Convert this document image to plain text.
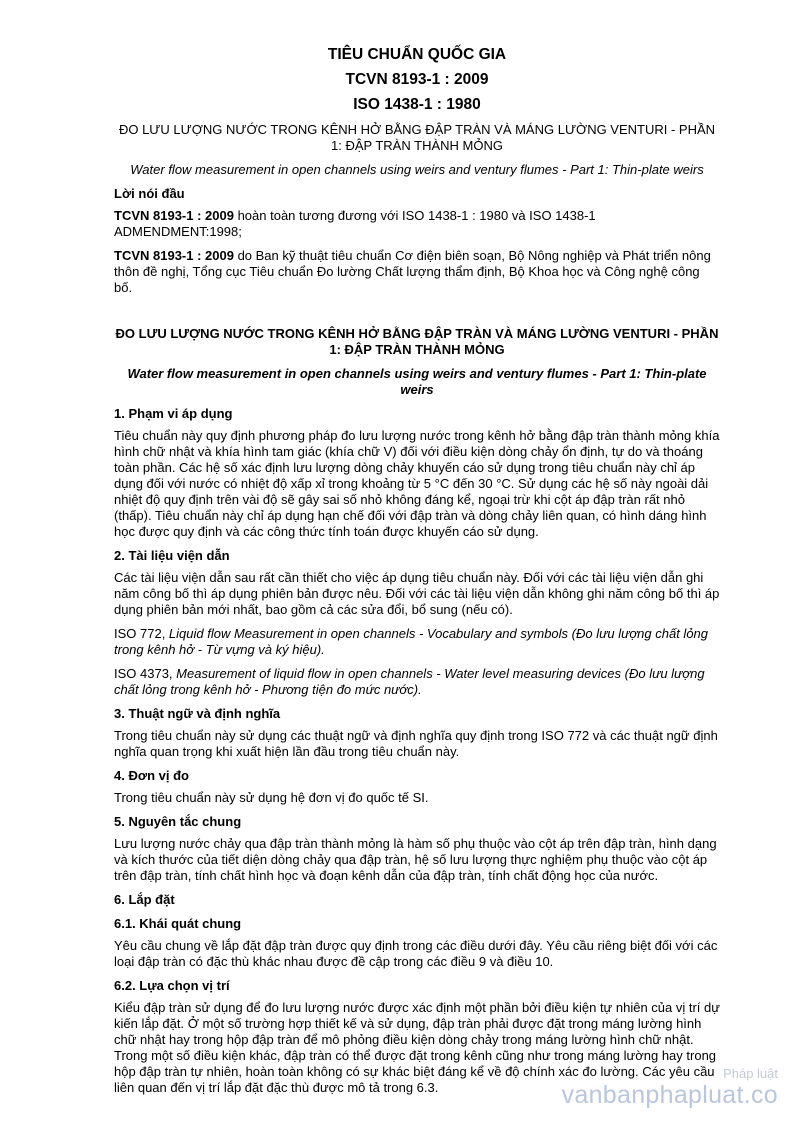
TIÊU CHUẨN QUỐC GIA
TCVN 8193-1 : 2009
ISO 1438-1 : 1980
ĐO LƯU LƯỢNG NƯỚC TRONG KÊNH HỞ BẰNG ĐẬP TRÀN VÀ MÁNG LƯỜNG VENTURI - PHẦN 1: ĐẬP TRÀN THÀNH MỎNG
Water flow measurement in open channels using weirs and ventury flumes - Part 1: Thin-plate weirs
Lời nói đầu

TCVN 8193-1 : 2009 hoàn toàn tương đương với ISO 1438-1 : 1980 và ISO 1438-1 ADMENDMENT:1998;

TCVN 8193-1 : 2009 do Ban kỹ thuật tiêu chuẩn Cơ điện biên soạn, Bộ Nông nghiệp và Phát triển nông thôn đề nghị, Tổng cục Tiêu chuẩn Đo lường Chất lượng thẩm định, Bộ Khoa học và Công nghệ công bố.

ĐO LƯU LƯỢNG NƯỚC TRONG KÊNH HỞ BẰNG ĐẬP TRÀN VÀ MÁNG LƯỜNG VENTURI - PHẦN 1: ĐẬP TRÀN THÀNH MỎNG
Water flow measurement in open channels using weirs and ventury flumes - Part 1: Thin-plate weirs
1. Phạm vi áp dụng

Tiêu chuẩn này quy định phương pháp đo lưu lượng nước trong kênh hở bằng đập tràn thành mỏng khía hình chữ nhật và khía hình tam giác (khía chữ V) đối với điều kiện dòng chảy ổn định, tự do và thoáng toàn phần. Các hệ số xác định lưu lượng dòng chảy khuyến cáo sử dụng trong tiêu chuẩn này chỉ áp dụng đối với nước có nhiệt độ xấp xỉ trong khoảng từ 5 °C đến 30 °C. Sử dụng các hệ số này ngoài dải nhiệt độ quy định trên vài độ sẽ gây sai số nhỏ không đáng kể, ngoại trừ khi cột áp đập tràn rất nhỏ (thấp). Tiêu chuẩn này chỉ áp dụng hạn chế đối với đập tràn và dòng chảy liên quan, có hình dáng hình học được quy định và các công thức tính toán được khuyến cáo sử dụng.

2. Tài liệu viện dẫn

Các tài liệu viện dẫn sau rất cần thiết cho việc áp dụng tiêu chuẩn này. Đối với các tài liệu viện dẫn ghi năm công bố thì áp dụng phiên bản được nêu. Đối với các tài liệu viện dẫn không ghi năm công bố thì áp dụng phiên bản mới nhất, bao gồm cả các sửa đổi, bổ sung (nếu có).

ISO 772, Liquid flow Measurement in open channels - Vocabulary and symbols (Đo lưu lượng chất lỏng trong kênh hở - Từ vựng và ký hiệu).

ISO 4373, Measurement of liquid flow in open channels - Water level measuring devices (Đo lưu lượng chất lỏng trong kênh hở - Phương tiện đo mức nước).

3. Thuật ngữ và định nghĩa

Trong tiêu chuẩn này sử dụng các thuật ngữ và định nghĩa quy định trong ISO 772 và các thuật ngữ định nghĩa quan trọng khi xuất hiện lần đầu trong tiêu chuẩn này.

4. Đơn vị đo

Trong tiêu chuẩn này sử dụng hệ đơn vị đo quốc tế SI.

5. Nguyên tắc chung

Lưu lượng nước chảy qua đập tràn thành mỏng là hàm số phụ thuộc vào cột áp trên đập tràn, hình dạng và kích thước của tiết diện dòng chảy qua đập tràn, hệ số lưu lượng thực nghiệm phụ thuộc vào cột áp trên đập tràn, tính chất hình học và đoạn kênh dẫn của đập tràn, tính chất động học của nước.

6. Lắp đặt
6.1. Khái quát chung

Yêu cầu chung về lắp đặt đập tràn được quy định trong các điều dưới đây. Yêu cầu riêng biệt đối với các loại đập tràn có đặc thù khác nhau được đề cập trong các điều 9 và điều 10.

6.2. Lựa chọn vị trí

Kiểu đập tràn sử dụng để đo lưu lượng nước được xác định một phần bởi điều kiện tự nhiên của vị trí dự kiến lắp đặt. Ở một số trường hợp thiết kế và sử dụng, đập tràn phải được đặt trong máng lường hình chữ nhật hay trong hộp đập tràn để mô phỏng điều kiện dòng chảy trong máng lường hình chữ nhật. Trong một số điều kiện khác, đập tràn có thể được đặt trong kênh cũng như trong máng lường hay trong hộp đập tràn tự nhiên, hoàn toàn không có sự khác biệt đáng kể về độ chính xác đo lường. Các yêu cầu liên quan đến vị trí lắp đặt đặc thù được mô tả trong 6.3.

Pháp luật
vanbanphapluat.co
